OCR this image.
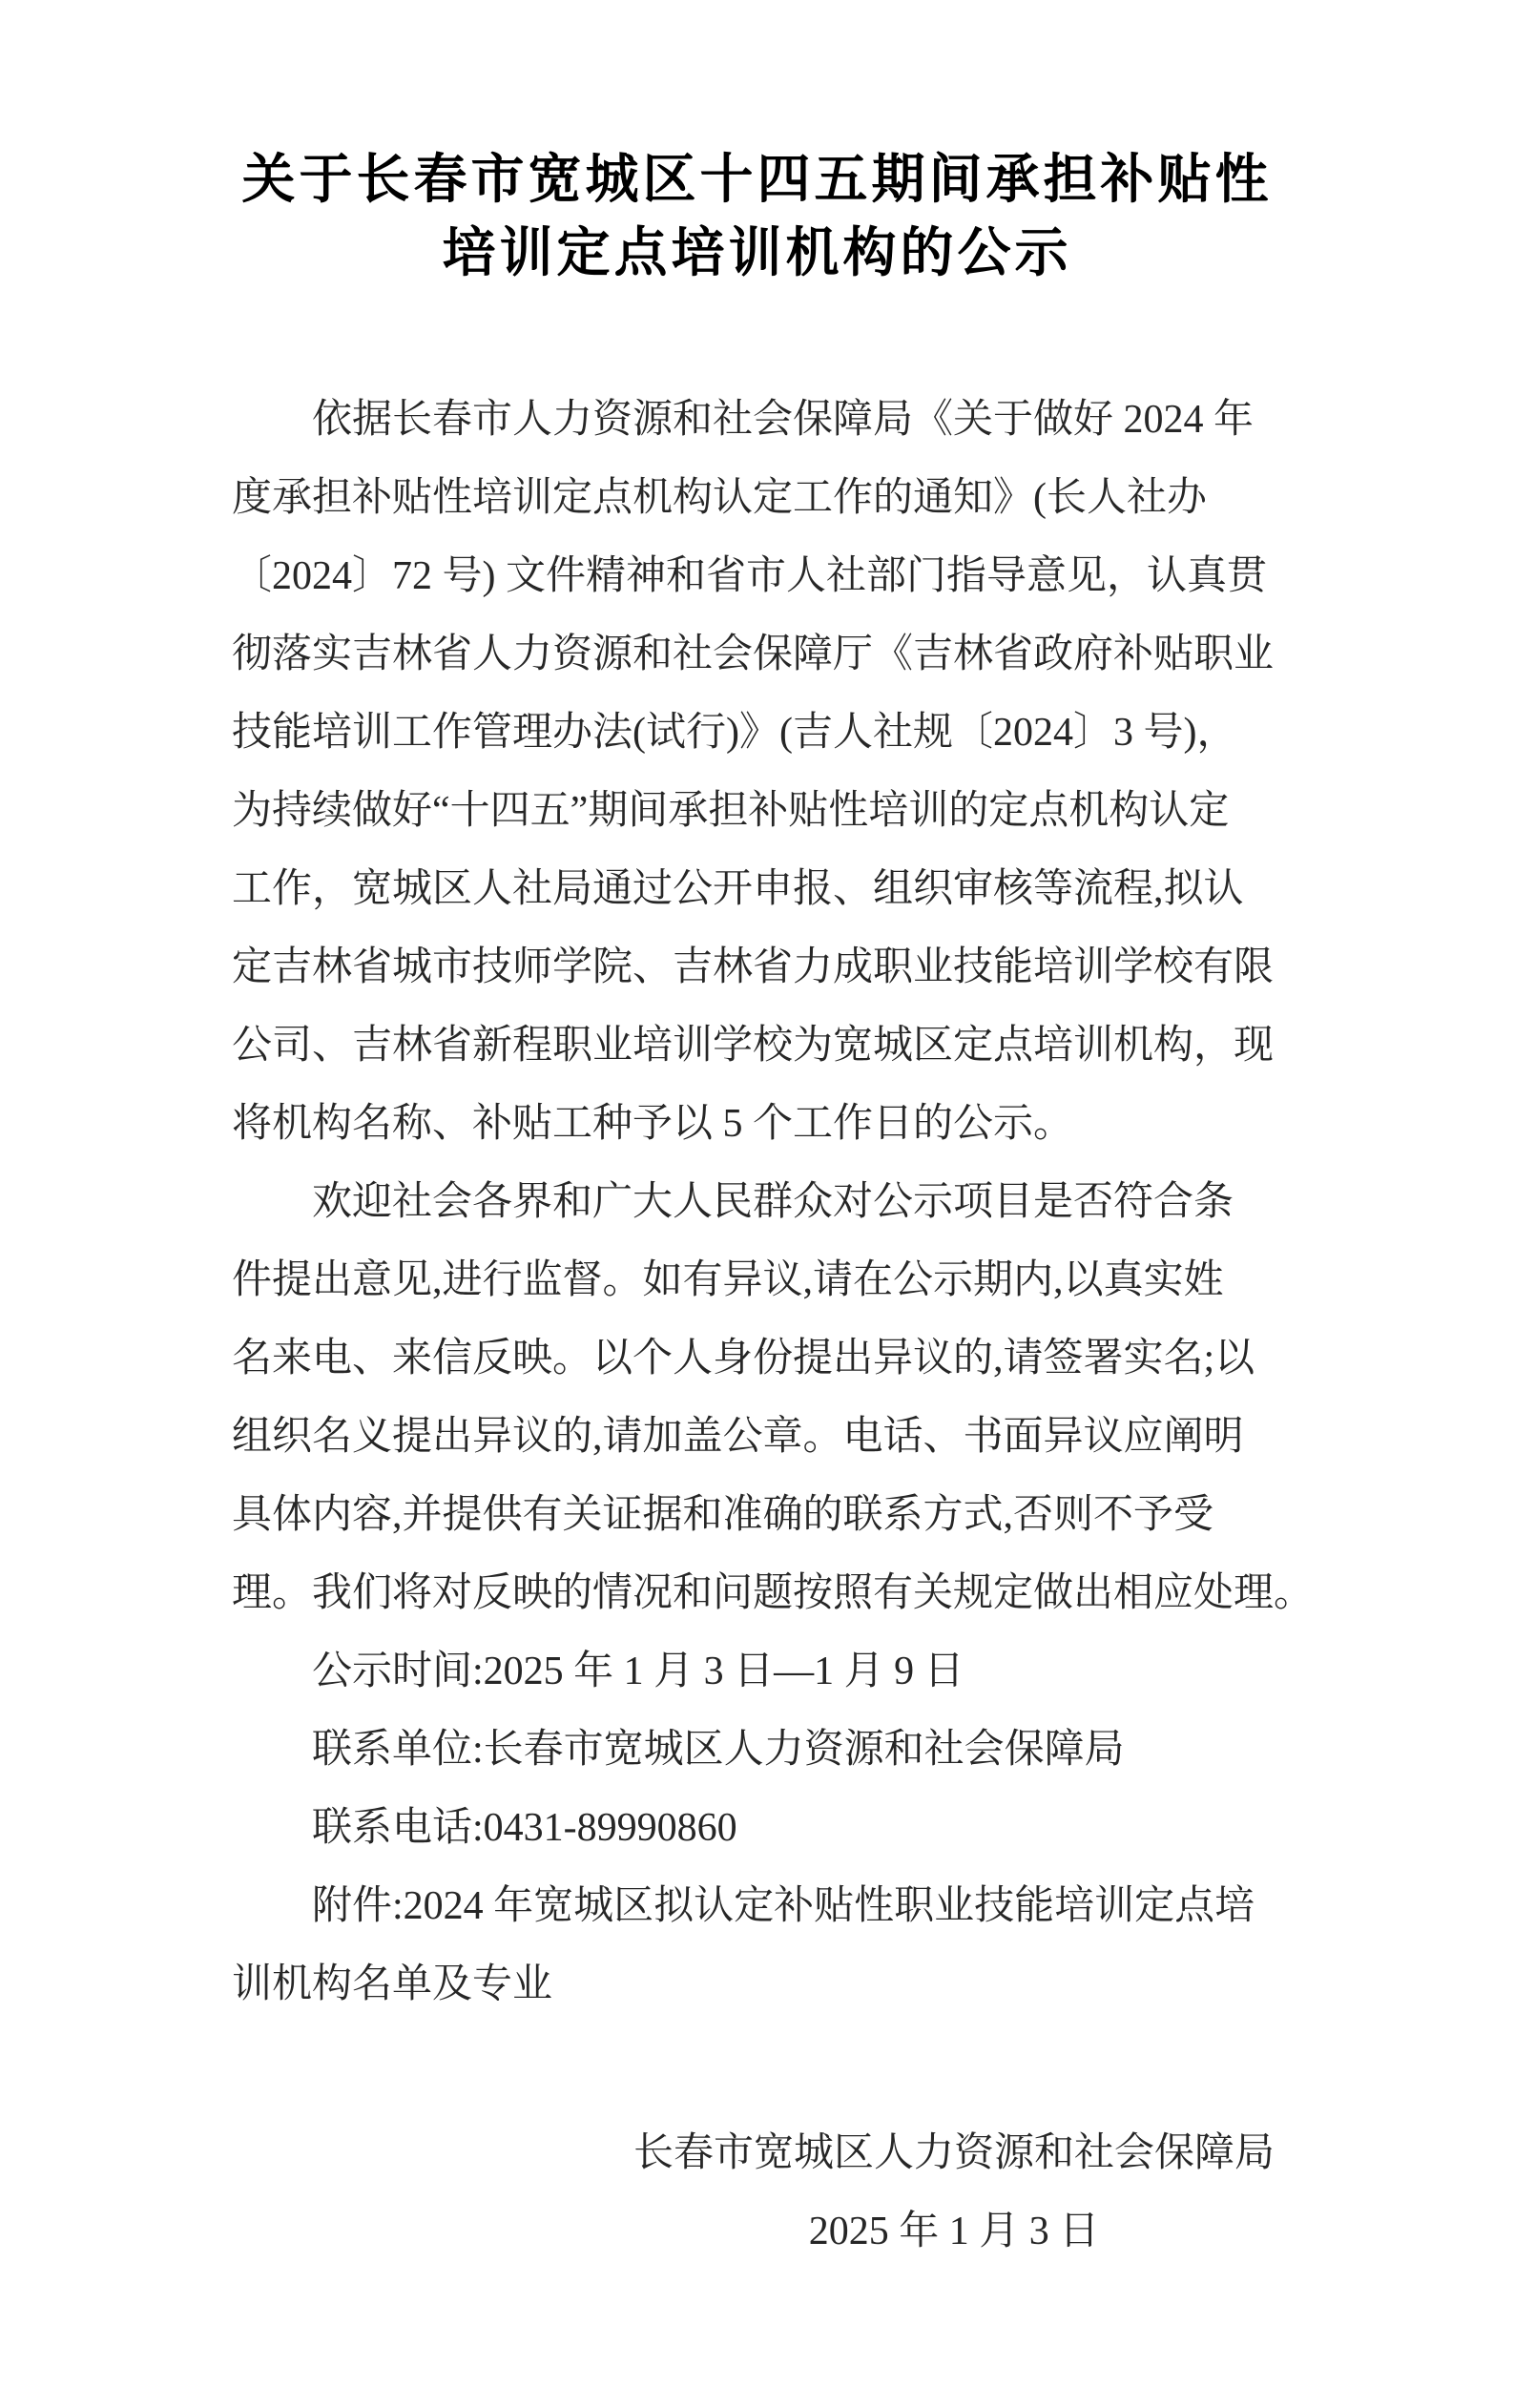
关于长春市宽城区十四五期间承担补贴性
培训定点培训机构的公示
依据长春市人力资源和社会保障局《关于做好 2024 年
度承担补贴性培训定点机构认定工作的通知》(长人社办
〔2024〕72 号) 文件精神和省市人社部门指导意见，认真贯
彻落实吉林省人力资源和社会保障厅《吉林省政府补贴职业
技能培训工作管理办法(试行)》(吉人社规〔2024〕3 号)，
为持续做好“十四五”期间承担补贴性培训的定点机构认定
工作，宽城区人社局通过公开申报、组织审核等流程,拟认
定吉林省城市技师学院、吉林省力成职业技能培训学校有限
公司、吉林省新程职业培训学校为宽城区定点培训机构，现
将机构名称、补贴工种予以 5 个工作日的公示。
欢迎社会各界和广大人民群众对公示项目是否符合条
件提出意见,进行监督。如有异议,请在公示期内,以真实姓
名来电、来信反映。以个人身份提出异议的,请签署实名;以
组织名义提出异议的,请加盖公章。电话、书面异议应阐明
具体内容,并提供有关证据和准确的联系方式,否则不予受
理。我们将对反映的情况和问题按照有关规定做出相应处理。
公示时间:2025 年 1 月 3 日—1 月 9 日
联系单位:长春市宽城区人力资源和社会保障局
联系电话:0431-89990860
附件:2024 年宽城区拟认定补贴性职业技能培训定点培
训机构名单及专业
长春市宽城区人力资源和社会保障局
2025 年 1 月 3 日
